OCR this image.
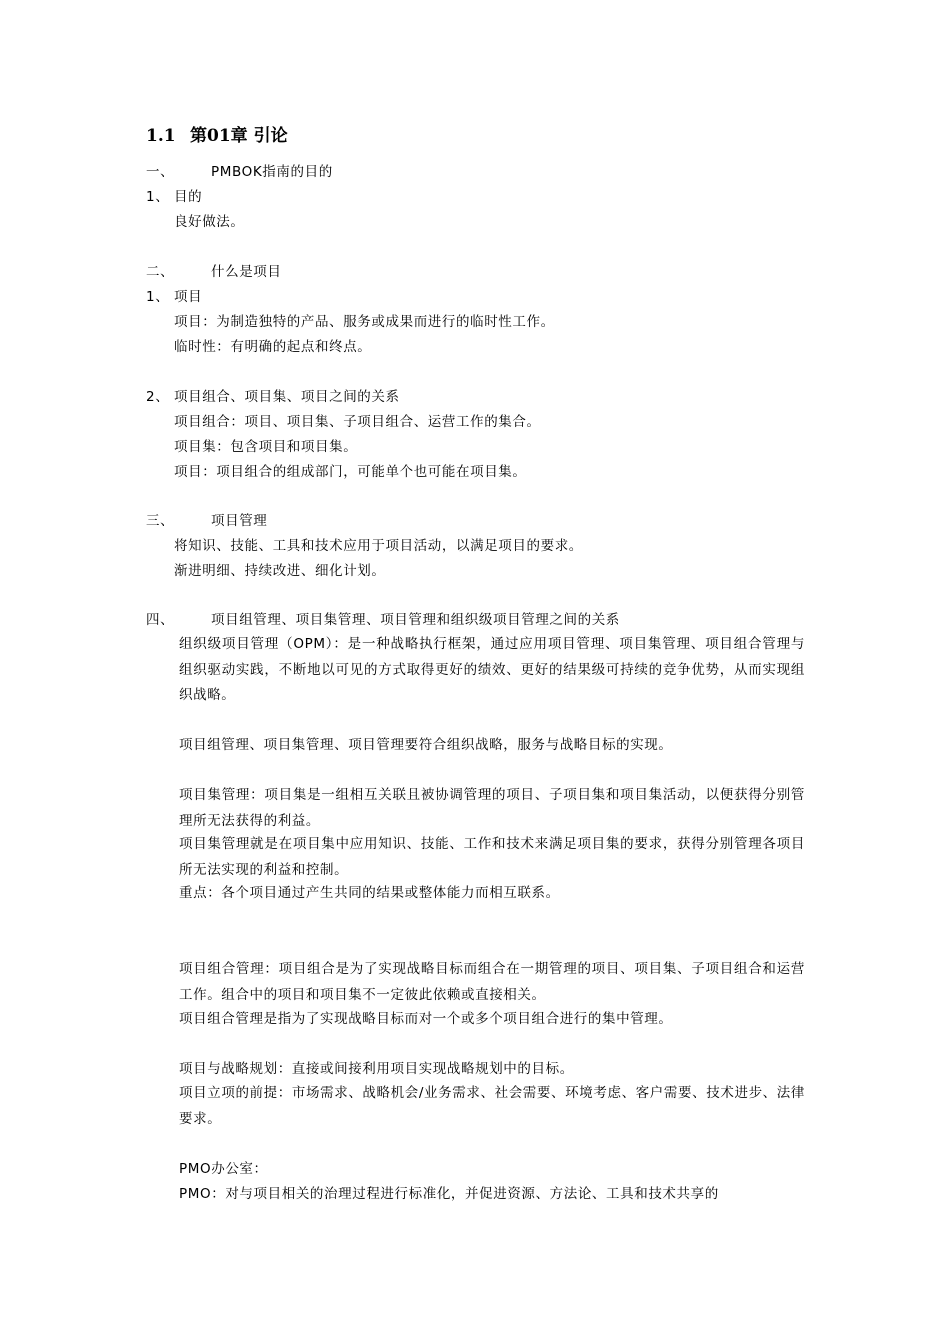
1.1 第01章 引论
一、	PMBOK指南的目的
1、 目的
良好做法。
二、	什么是项目
1、 项目
项目：为制造独特的产品、服务或成果而进行的临时性工作。
临时性：有明确的起点和终点。
2、 项目组合、项目集、项目之间的关系
项目组合：项目、项目集、子项目组合、运营工作的集合。
项目集：包含项目和项目集。
项目：项目组合的组成部门，可能单个也可能在项目集。
三、	项目管理
将知识、技能、工具和技术应用于项目活动，以满足项目的要求。
渐进明细、持续改进、细化计划。
四、	项目组管理、项目集管理、项目管理和组织级项目管理之间的关系
组织级项目管理（OPM）：是一种战略执行框架，通过应用项目管理、项目集管理、项目组合管理与组织驱动实践，不断地以可见的方式取得更好的绩效、更好的结果级可持续的竞争优势，从而实现组织战略。
项目组管理、项目集管理、项目管理要符合组织战略，服务与战略目标的实现。
项目集管理：项目集是一组相互关联且被协调管理的项目、子项目集和项目集活动，以便获得分别管理所无法获得的利益。
项目集管理就是在项目集中应用知识、技能、工作和技术来满足项目集的要求，获得分别管理各项目所无法实现的利益和控制。
重点：各个项目通过产生共同的结果或整体能力而相互联系。
项目组合管理：项目组合是为了实现战略目标而组合在一期管理的项目、项目集、子项目组合和运营工作。组合中的项目和项目集不一定彼此依赖或直接相关。
项目组合管理是指为了实现战略目标而对一个或多个项目组合进行的集中管理。
项目与战略规划：直接或间接利用项目实现战略规划中的目标。
项目立项的前提：市场需求、战略机会/业务需求、社会需要、环境考虑、客户需要、技术进步、法律要求。
PMO办公室：
PMO：对与项目相关的治理过程进行标准化，并促进资源、方法论、工具和技术共享的
